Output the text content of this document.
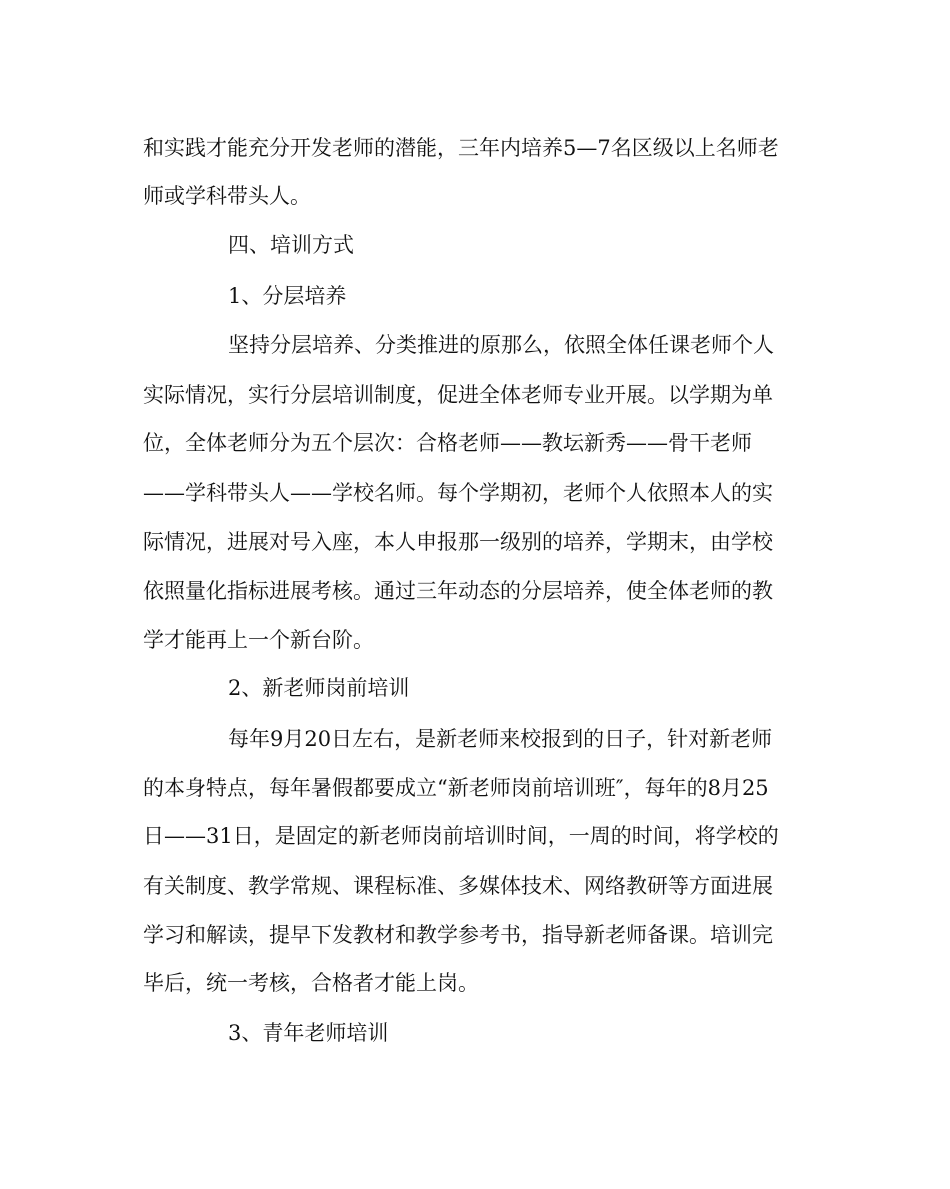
和实践才能充分开发老师的潜能，三年内培养5—7名区级以上名师老
师或学科带头人。
四、培训方式
1、分层培养
坚持分层培养、分类推进的原那么，依照全体任课老师个人
实际情况，实行分层培训制度，促进全体老师专业开展。以学期为单
位，全体老师分为五个层次：合格老师——教坛新秀——骨干老师
——学科带头人——学校名师。每个学期初，老师个人依照本人的实
际情况，进展对号入座，本人申报那一级别的培养，学期末，由学校
依照量化指标进展考核。通过三年动态的分层培养，使全体老师的教
学才能再上一个新台阶。
2、新老师岗前培训
每年9月20日左右，是新老师来校报到的日子，针对新老师
的本身特点，每年暑假都要成立“新老师岗前培训班″，每年的8月25
日——31日，是固定的新老师岗前培训时间，一周的时间，将学校的
有关制度、教学常规、课程标准、多媒体技术、网络教研等方面进展
学习和解读，提早下发教材和教学参考书，指导新老师备课。培训完
毕后，统一考核，合格者才能上岗。
3、青年老师培训
